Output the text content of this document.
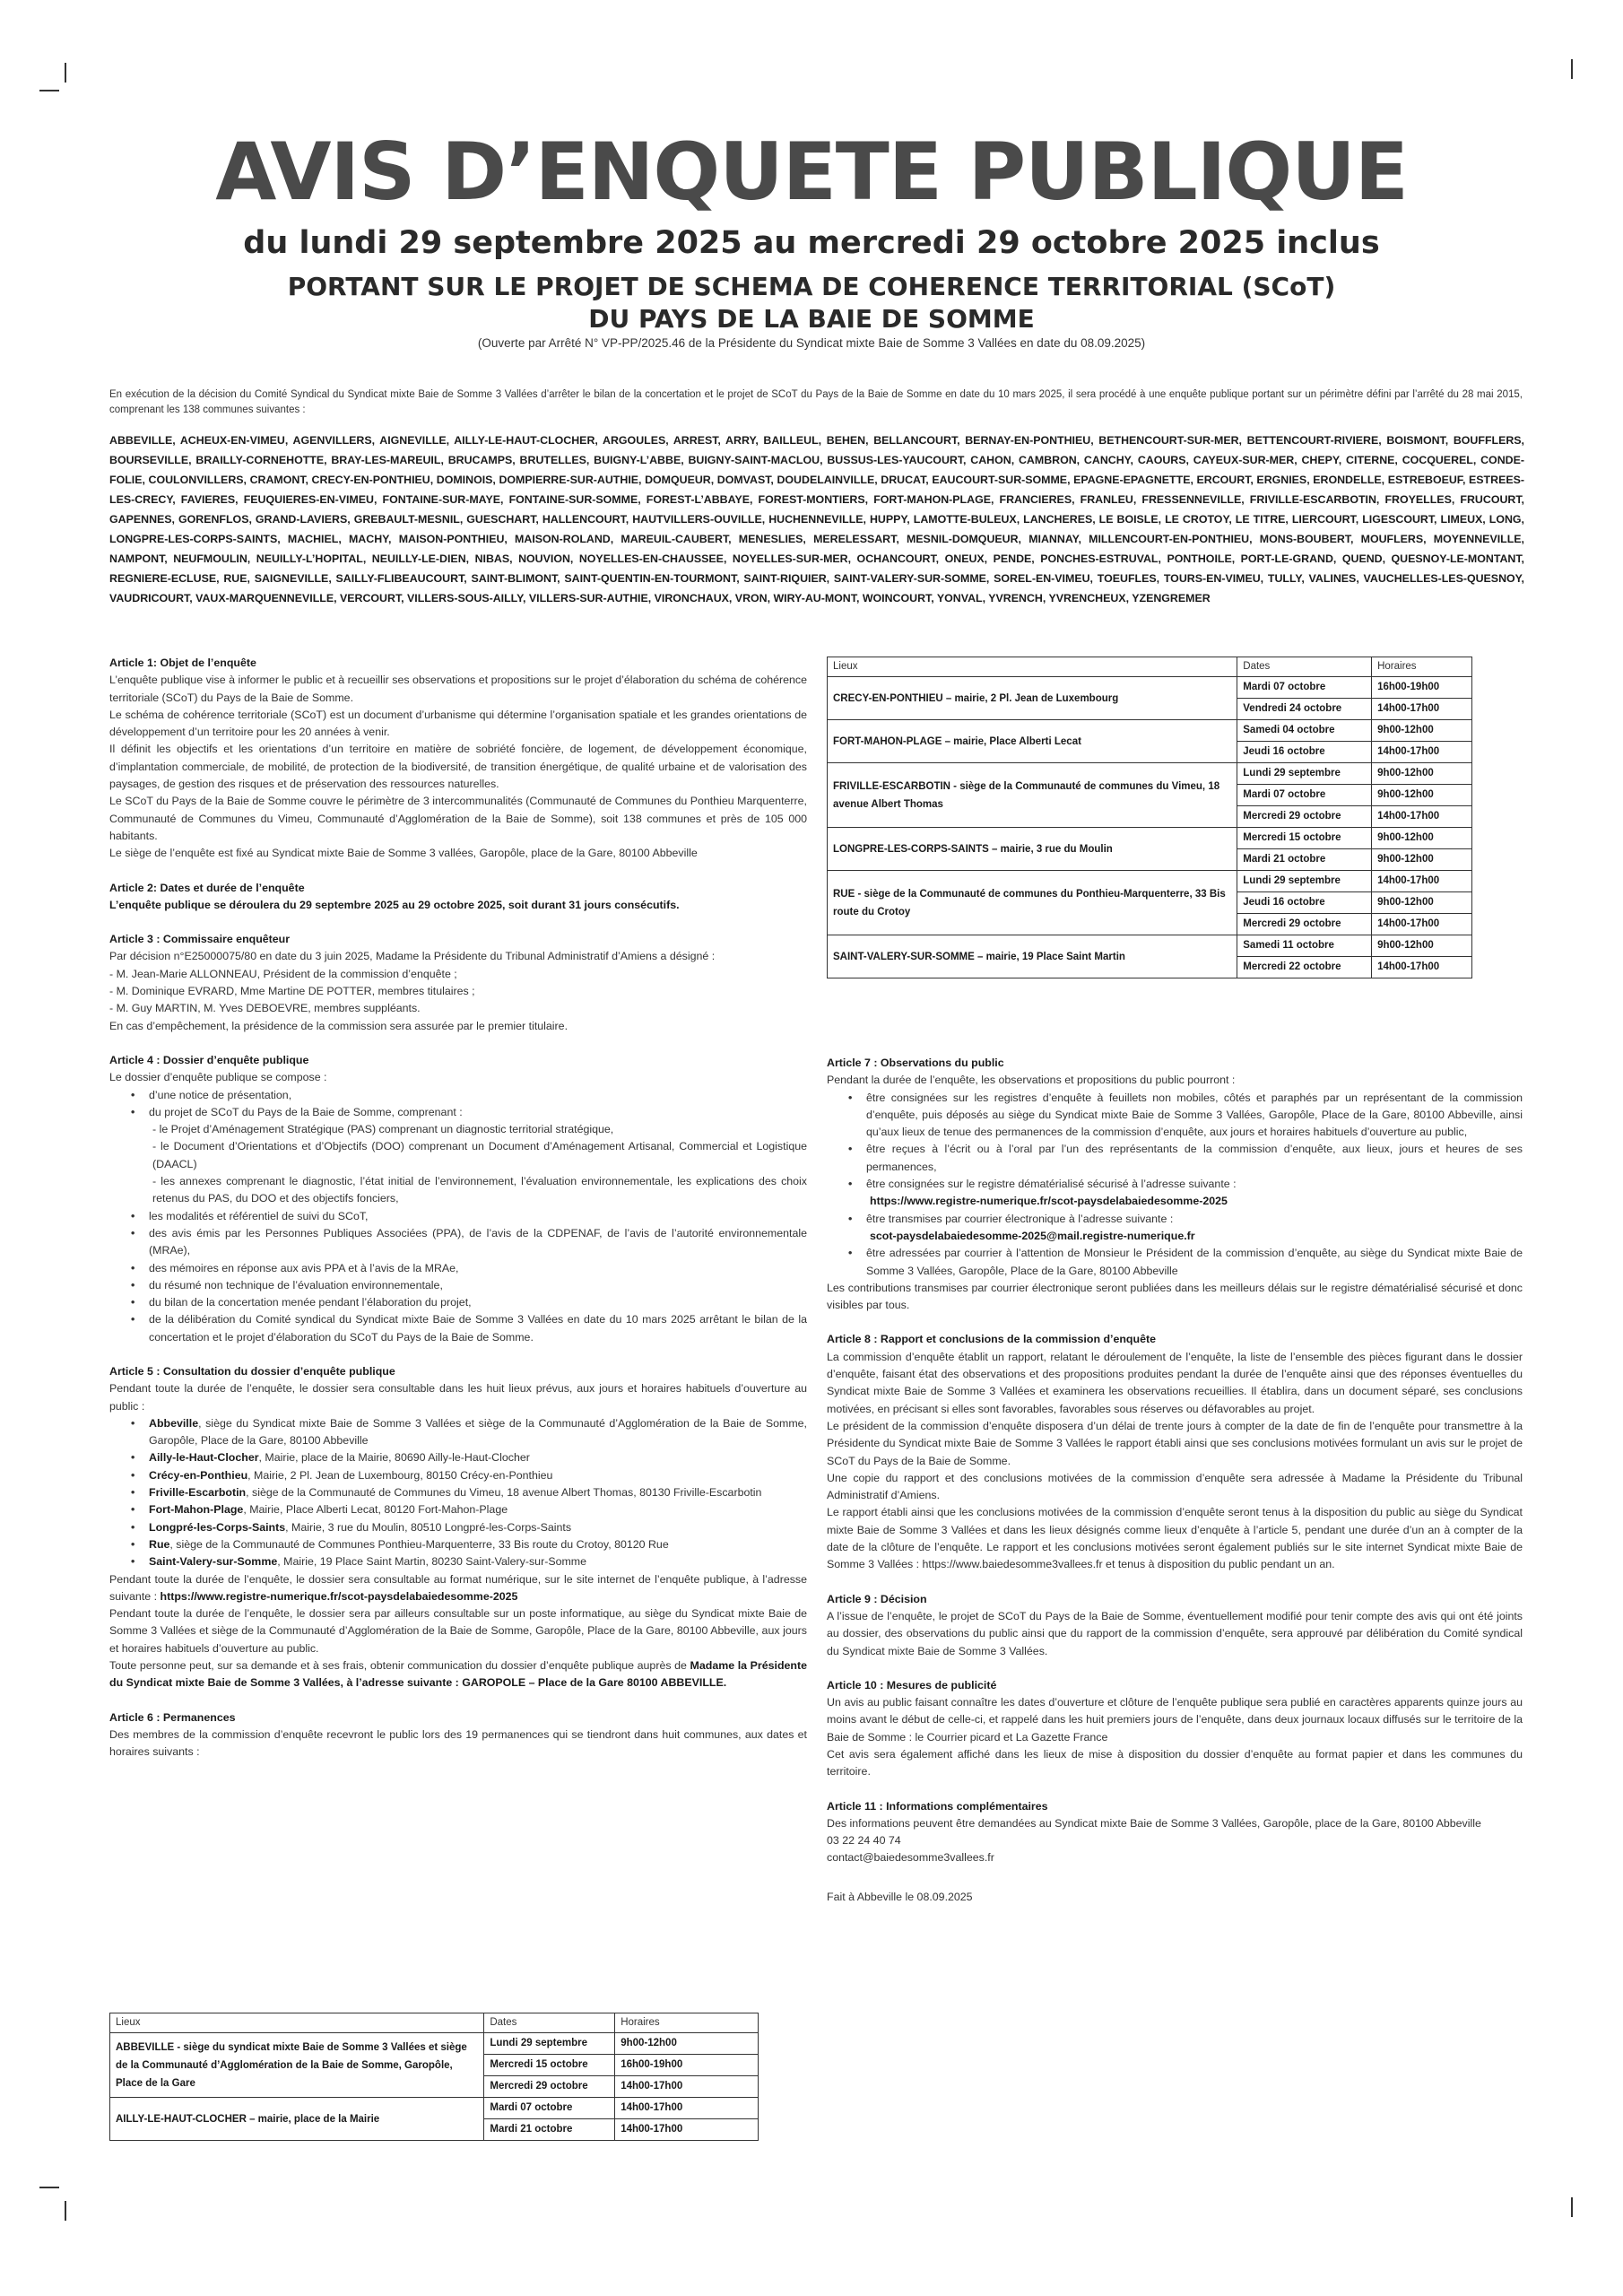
AVIS D’ENQUETE PUBLIQUE
du lundi 29 septembre 2025 au mercredi 29 octobre 2025 inclus
PORTANT SUR LE PROJET DE SCHEMA DE COHERENCE TERRITORIAL (SCoT)
DU PAYS DE LA BAIE DE SOMME
(Ouverte par Arrêté N° VP-PP/2025.46 de la Présidente du Syndicat mixte Baie de Somme 3 Vallées en date du 08.09.2025)
En exécution de la décision du Comité Syndical du Syndicat mixte Baie de Somme 3 Vallées d’arrêter le bilan de la concertation et le projet de SCoT du Pays de la Baie de Somme en date du 10 mars 2025, il sera procédé à une enquête publique portant sur un périmètre défini par l’arrêté du 28 mai 2015, comprenant les 138 communes suivantes :
ABBEVILLE, ACHEUX-EN-VIMEU, AGENVILLERS, AIGNEVILLE, AILLY-LE-HAUT-CLOCHER, ARGOULES, ARREST, ARRY, BAILLEUL, BEHEN, BELLANCOURT, BERNAY-EN-PONTHIEU, BETHENCOURT-SUR-MER, BETTENCOURT-RIVIERE, BOISMONT, BOUFFLERS, BOURSEVILLE, BRAILLY-CORNEHOTTE, BRAY-LES-MAREUIL, BRUCAMPS, BRUTELLES, BUIGNY-L’ABBE, BUIGNY-SAINT-MACLOU, BUSSUS-LES-YAUCOURT, CAHON, CAMBRON, CANCHY, CAOURS, CAYEUX-SUR-MER, CHEPY, CITERNE, COCQUEREL, CONDE-FOLIE, COULONVILLERS, CRAMONT, CRECY-EN-PONTHIEU, DOMINOIS, DOMPIERRE-SUR-AUTHIE, DOMQUEUR, DOMVAST, DOUDELAINVILLE, DRUCAT, EAUCOURT-SUR-SOMME, EPAGNE-EPAGNETTE, ERCOURT, ERGNIES, ERONDELLE, ESTREBOEUF, ESTREES-LES-CRECY, FAVIERES, FEUQUIERES-EN-VIMEU, FONTAINE-SUR-MAYE, FONTAINE-SUR-SOMME, FOREST-L’ABBAYE, FOREST-MONTIERS, FORT-MAHON-PLAGE, FRANCIERES, FRANLEU, FRESSENNEVILLE, FRIVILLE-ESCARBOTIN, FROYELLES, FRUCOURT, GAPENNES, GORENFLOS, GRAND-LAVIERS, GREBAULT-MESNIL, GUESCHART, HALLENCOURT, HAUTVILLERS-OUVILLE, HUCHENNEVILLE, HUPPY, LAMOTTE-BULEUX, LANCHERES, LE BOISLE, LE CROTOY, LE TITRE, LIERCOURT, LIGESCOURT, LIMEUX, LONG, LONGPRE-LES-CORPS-SAINTS, MACHIEL, MACHY, MAISON-PONTHIEU, MAISON-ROLAND, MAREUIL-CAUBERT, MENESLIES, MERELESSART, MESNIL-DOMQUEUR, MIANNAY, MILLENCOURT-EN-PONTHIEU, MONS-BOUBERT, MOUFLERS, MOYENNEVILLE, NAMPONT, NEUFMOULIN, NEUILLY-L’HOPITAL, NEUILLY-LE-DIEN, NIBAS, NOUVION, NOYELLES-EN-CHAUSSEE, NOYELLES-SUR-MER, OCHANCOURT, ONEUX, PENDE, PONCHES-ESTRUVAL, PONTHOILE, PORT-LE-GRAND, QUEND, QUESNOY-LE-MONTANT, REGNIERE-ECLUSE, RUE, SAIGNEVILLE, SAILLY-FLIBEAUCOURT, SAINT-BLIMONT, SAINT-QUENTIN-EN-TOURMONT, SAINT-RIQUIER, SAINT-VALERY-SUR-SOMME, SOREL-EN-VIMEU, TOEUFLES, TOURS-EN-VIMEU, TULLY, VALINES, VAUCHELLES-LES-QUESNOY, VAUDRICOURT, VAUX-MARQUENNEVILLE, VERCOURT, VILLERS-SOUS-AILLY, VILLERS-SUR-AUTHIE, VIRONCHAUX, VRON, WIRY-AU-MONT, WOINCOURT, YONVAL, YVRENCH, YVRENCHEUX, YZENGREMER
Article 1: Objet de l’enquête

L’enquête publique vise à informer le public et à recueillir ses observations et propositions sur le projet d’élaboration du schéma de cohérence territoriale (SCoT) du Pays de la Baie de Somme.

Le schéma de cohérence territoriale (SCoT) est un document d’urbanisme qui détermine l’organisation spatiale et les grandes orientations de développement d’un territoire pour les 20 années à venir.

Il définit les objectifs et les orientations d’un territoire en matière de sobriété foncière, de logement, de développement économique, d’implantation commerciale, de mobilité, de protection de la biodiversité, de transition énergétique, de qualité urbaine et de valorisation des paysages, de gestion des risques et de préservation des ressources naturelles.

Le SCoT du Pays de la Baie de Somme couvre le périmètre de 3 intercommunalités (Communauté de Communes du Ponthieu Marquenterre, Communauté de Communes du Vimeu, Communauté d’Agglomération de la Baie de Somme), soit 138 communes et près de 105 000 habitants.

Le siège de l’enquête est fixé au Syndicat mixte Baie de Somme 3 vallées, Garopôle, place de la Gare, 80100 Abbeville

Article 2: Dates et durée de l’enquête

L’enquête publique se déroulera du 29 septembre 2025 au 29 octobre 2025, soit durant 31 jours consécutifs.

Article 3 : Commissaire enquêteur

Par décision n°E25000075/80 en date du 3 juin 2025, Madame la Présidente du Tribunal Administratif d’Amiens a désigné :

- M. Jean-Marie ALLONNEAU, Président de la commission d’enquête ;

- M. Dominique EVRARD, Mme Martine DE POTTER, membres titulaires ;

- M. Guy MARTIN, M. Yves DEBOEVRE, membres suppléants.

En cas d’empêchement, la présidence de la commission sera assurée par le premier titulaire.

Article 4 : Dossier d’enquête publique

Le dossier d’enquête publique se compose :

• d’une notice de présentation,

• du projet de SCoT du Pays de la Baie de Somme, comprenant :

- le Projet d’Aménagement Stratégique (PAS) comprenant un diagnostic territorial stratégique,

- le Document d’Orientations et d’Objectifs (DOO) comprenant un Document d’Aménagement Artisanal, Commercial et Logistique (DAACL)

- les annexes comprenant le diagnostic, l’état initial de l’environnement, l’évaluation environnementale, les explications des choix retenus du PAS, du DOO et des objectifs fonciers,

• les modalités et référentiel de suivi du SCoT,

• des avis émis par les Personnes Publiques Associées (PPA), de l’avis de la CDPENAF, de l’avis de l’autorité environnementale (MRAe),

• des mémoires en réponse aux avis PPA et à l’avis de la MRAe,

• du résumé non technique de l’évaluation environnementale,

• du bilan de la concertation menée pendant l’élaboration du projet,

• de la délibération du Comité syndical du Syndicat mixte Baie de Somme 3 Vallées en date du 10 mars 2025 arrêtant le bilan de la concertation et le projet d’élaboration du SCoT du Pays de la Baie de Somme.

Article 5 : Consultation du dossier d’enquête publique

Pendant toute la durée de l’enquête, le dossier sera consultable dans les huit lieux prévus, aux jours et horaires habituels d’ouverture au public :

• Abbeville, siège du Syndicat mixte Baie de Somme 3 Vallées et siège de la Communauté d’Agglomération de la Baie de Somme, Garopôle, Place de la Gare, 80100 Abbeville

• Ailly-le-Haut-Clocher, Mairie, place de la Mairie, 80690 Ailly-le-Haut-Clocher

• Crécy-en-Ponthieu, Mairie, 2 Pl. Jean de Luxembourg, 80150 Crécy-en-Ponthieu

• Friville-Escarbotin, siège de la Communauté de Communes du Vimeu, 18 avenue Albert Thomas, 80130 Friville-Escarbotin

• Fort-Mahon-Plage, Mairie, Place Alberti Lecat, 80120 Fort-Mahon-Plage

• Longpré-les-Corps-Saints, Mairie, 3 rue du Moulin, 80510 Longpré-les-Corps-Saints

• Rue, siège de la Communauté de Communes Ponthieu-Marquenterre, 33 Bis route du Crotoy, 80120 Rue

• Saint-Valery-sur-Somme, Mairie, 19 Place Saint Martin, 80230 Saint-Valery-sur-Somme

Pendant toute la durée de l’enquête, le dossier sera consultable au format numérique, sur le site internet de l’enquête publique, à l’adresse suivante : https://www.registre-numerique.fr/scot-paysdelabaiedesomme-2025

Pendant toute la durée de l’enquête, le dossier sera par ailleurs consultable sur un poste informatique, au siège du Syndicat mixte Baie de Somme 3 Vallées et siège de la Communauté d’Agglomération de la Baie de Somme, Garopôle, Place de la Gare, 80100 Abbeville, aux jours et horaires habituels d’ouverture au public.

Toute personne peut, sur sa demande et à ses frais, obtenir communication du dossier d’enquête publique auprès de Madame la Présidente du Syndicat mixte Baie de Somme 3 Vallées, à l’adresse suivante : GAROPOLE – Place de la Gare 80100 ABBEVILLE.

Article 6 : Permanences

Des membres de la commission d’enquête recevront le public lors des 19 permanences qui se tiendront dans huit communes, aux dates et horaires suivants :

Lieux	Dates	Horaires
ABBEVILLE - siège du syndicat mixte Baie de Somme 3 Vallées et siège de la Communauté d’Agglomération de la Baie de Somme, Garopôle, Place de la Gare	Lundi 29 septembre	9h00-12h00
	Mercredi 15 octobre	16h00-19h00
	Mercredi 29 octobre	14h00-17h00
AILLY-LE-HAUT-CLOCHER – mairie, place de la Mairie	Mardi 07 octobre	14h00-17h00
	Mardi 21 octobre	14h00-17h00
Lieux	Dates	Horaires
CRECY-EN-PONTHIEU – mairie, 2 Pl. Jean de Luxembourg	Mardi 07 octobre	16h00-19h00
	Vendredi 24 octobre	14h00-17h00
FORT-MAHON-PLAGE – mairie, Place Alberti Lecat	Samedi 04 octobre	9h00-12h00
	Jeudi 16 octobre	14h00-17h00
FRIVILLE-ESCARBOTIN - siège de la Communauté de communes du Vimeu, 18 avenue Albert Thomas	Lundi 29 septembre	9h00-12h00
	Mardi 07 octobre	9h00-12h00
	Mercredi 29 octobre	14h00-17h00
LONGPRE-LES-CORPS-SAINTS – mairie, 3 rue du Moulin	Mercredi 15 octobre	9h00-12h00
	Mardi 21 octobre	9h00-12h00
RUE - siège de la Communauté de communes du Ponthieu-Marquenterre, 33 Bis route du Crotoy	Lundi 29 septembre	14h00-17h00
	Jeudi 16 octobre	9h00-12h00
	Mercredi 29 octobre	14h00-17h00
SAINT-VALERY-SUR-SOMME – mairie, 19 Place Saint Martin	Samedi 11 octobre	9h00-12h00
	Mercredi 22 octobre	14h00-17h00
Article 7 : Observations du public

Pendant la durée de l’enquête, les observations et propositions du public pourront :

• être consignées sur les registres d’enquête à feuillets non mobiles, côtés et paraphés par un représentant de la commission d’enquête, puis déposés au siège du Syndicat mixte Baie de Somme 3 Vallées, Garopôle, Place de la Gare, 80100 Abbeville, ainsi qu’aux lieux de tenue des permanences de la commission d’enquête, aux jours et horaires habituels d’ouverture au public,

• être reçues à l’écrit ou à l’oral par l’un des représentants de la commission d’enquête, aux lieux, jours et heures de ses permanences,

• être consignées sur le registre dématérialisé sécurisé à l’adresse suivante :

https://www.registre-numerique.fr/scot-paysdelabaiedesomme-2025

• être transmises par courrier électronique à l’adresse suivante :

scot-paysdelabaiedesomme-2025@mail.registre-numerique.fr

• être adressées par courrier à l’attention de Monsieur le Président de la commission d’enquête, au siège du Syndicat mixte Baie de Somme 3 Vallées, Garopôle, Place de la Gare, 80100 Abbeville

Les contributions transmises par courrier électronique seront publiées dans les meilleurs délais sur le registre dématérialisé sécurisé et donc visibles par tous.

Article 8 : Rapport et conclusions de la commission d’enquête

La commission d’enquête établit un rapport, relatant le déroulement de l’enquête, la liste de l’ensemble des pièces figurant dans le dossier d’enquête, faisant état des observations et des propositions produites pendant la durée de l’enquête ainsi que des réponses éventuelles du Syndicat mixte Baie de Somme 3 Vallées et examinera les observations recueillies. Il établira, dans un document séparé, ses conclusions motivées, en précisant si elles sont favorables, favorables sous réserves ou défavorables au projet.

Le président de la commission d’enquête disposera d’un délai de trente jours à compter de la date de fin de l’enquête pour transmettre à la Présidente du Syndicat mixte Baie de Somme 3 Vallées le rapport établi ainsi que ses conclusions motivées formulant un avis sur le projet de SCoT du Pays de la Baie de Somme.

Une copie du rapport et des conclusions motivées de la commission d’enquête sera adressée à Madame la Présidente du Tribunal Administratif d’Amiens.

Le rapport établi ainsi que les conclusions motivées de la commission d’enquête seront tenus à la disposition du public au siège du Syndicat mixte Baie de Somme 3 Vallées et dans les lieux désignés comme lieux d’enquête à l’article 5, pendant une durée d’un an à compter de la date de la clôture de l’enquête. Le rapport et les conclusions motivées seront également publiés sur le site internet Syndicat mixte Baie de Somme 3 Vallées : https://www.baiedesomme3vallees.fr et tenus à disposition du public pendant un an.

Article 9 : Décision

A l’issue de l’enquête, le projet de SCoT du Pays de la Baie de Somme, éventuellement modifié pour tenir compte des avis qui ont été joints au dossier, des observations du public ainsi que du rapport de la commission d’enquête, sera approuvé par délibération du Comité syndical du Syndicat mixte Baie de Somme 3 Vallées.

Article 10 : Mesures de publicité

Un avis au public faisant connaître les dates d’ouverture et clôture de l’enquête publique sera publié en caractères apparents quinze jours au moins avant le début de celle-ci, et rappelé dans les huit premiers jours de l’enquête, dans deux journaux locaux diffusés sur le territoire de la Baie de Somme : le Courrier picard et La Gazette France

Cet avis sera également affiché dans les lieux de mise à disposition du dossier d’enquête au format papier et dans les communes du territoire.

Article 11 : Informations complémentaires

Des informations peuvent être demandées au Syndicat mixte Baie de Somme 3 Vallées, Garopôle, place de la Gare, 80100 Abbeville

03 22 24 40 74

contact@baiedesomme3vallees.fr

Fait à Abbeville le 08.09.2025
